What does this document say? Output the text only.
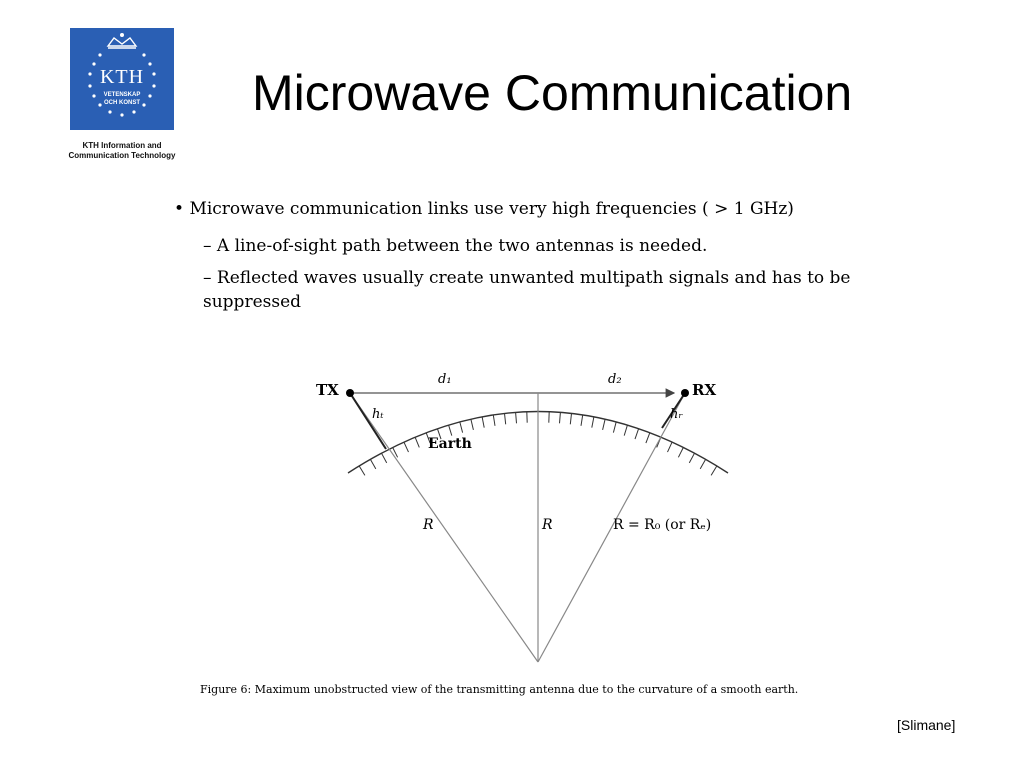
KTH
VETENSKAP
OCH KONST
KTH Information and
Communication Technology
Microwave Communication
• Microwave communication links use very high frequencies ( > 1 GHz)
– A line-of-sight path between the two antennas is needed.
– Reflected waves usually create unwanted multipath signals and has to be suppressed
TX	RX
d₁	d₂
hₜ	hᵣ
Earth
R	R	R = R₀ (or Rₑ)
Figure 6: Maximum unobstructed view of the transmitting antenna due to the curvature of a smooth earth.
[Slimane]
